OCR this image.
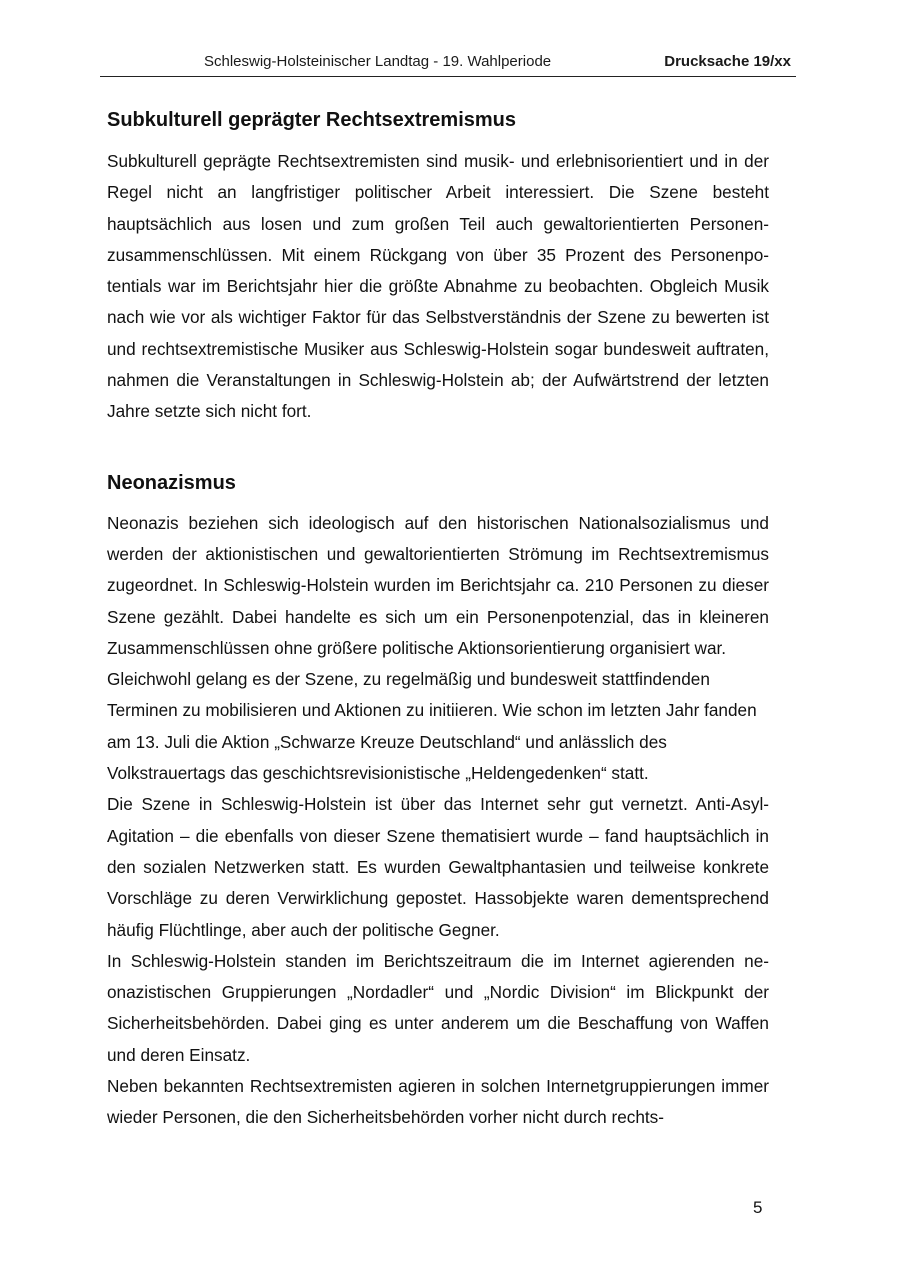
Schleswig-Holsteinischer Landtag - 19. Wahlperiode	Drucksache 19/xx
Subkulturell geprägter Rechtsextremismus

Subkulturell geprägte Rechtsextremisten sind musik- und erlebnisorientiert und in der Regel nicht an langfristiger politischer Arbeit interessiert. Die Szene besteht hauptsächlich aus losen und zum großen Teil auch gewaltorientierten Personenzusammenschlüssen. Mit einem Rückgang von über 35 Prozent des Personenpotentials war im Berichtsjahr hier die größte Abnahme zu beobachten. Obgleich Musik nach wie vor als wichtiger Faktor für das Selbstverständnis der Szene zu bewerten ist und rechtsextremistische Musiker aus Schleswig-Holstein sogar bundesweit auftraten, nahmen die Veranstaltungen in Schleswig-Holstein ab; der Aufwärtstrend der letzten Jahre setzte sich nicht fort.

Neonazismus

Neonazis beziehen sich ideologisch auf den historischen Nationalsozialismus und werden der aktionistischen und gewaltorientierten Strömung im Rechtsextremismus zugeordnet. In Schleswig-Holstein wurden im Berichtsjahr ca. 210 Personen zu dieser Szene gezählt. Dabei handelte es sich um ein Personenpotenzial, das in kleineren Zusammenschlüssen ohne größere politische Aktionsorientierung organisiert war.

Gleichwohl gelang es der Szene, zu regelmäßig und bundesweit stattfindenden Terminen zu mobilisieren und Aktionen zu initiieren. Wie schon im letzten Jahr fanden am 13. Juli die Aktion „Schwarze Kreuze Deutschland“ und anlässlich des Volkstrauertags das geschichtsrevisionistische „Heldengedenken“ statt.

Die Szene in Schleswig-Holstein ist über das Internet sehr gut vernetzt. Anti-Asyl-Agitation – die ebenfalls von dieser Szene thematisiert wurde – fand hauptsächlich in den sozialen Netzwerken statt. Es wurden Gewaltphantasien und teilweise konkrete Vorschläge zu deren Verwirklichung gepostet. Hassobjekte waren dementsprechend häufig Flüchtlinge, aber auch der politische Gegner.

In Schleswig-Holstein standen im Berichtszeitraum die im Internet agierenden neonazistischen Gruppierungen „Nordadler“ und „Nordic Division“ im Blickpunkt der Sicherheitsbehörden. Dabei ging es unter anderem um die Beschaffung von Waffen und deren Einsatz.

Neben bekannten Rechtsextremisten agieren in solchen Internetgruppierungen immer wieder Personen, die den Sicherheitsbehörden vorher nicht durch rechts-

5
